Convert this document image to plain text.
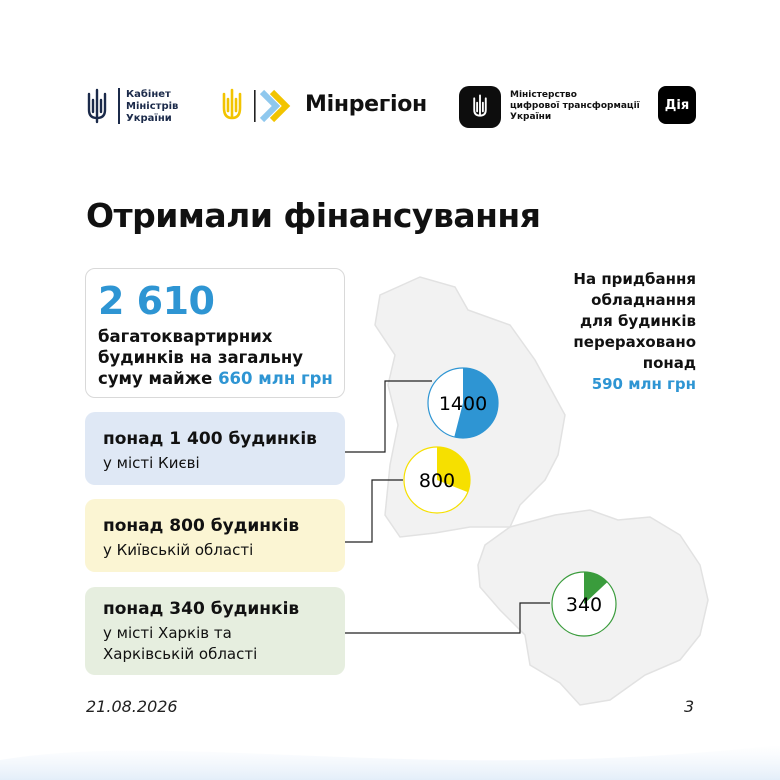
Кабінет
Міністрів
України
Мінрегіон	Міністерство
цифрової трансформації
України
Дія
Отримали фінансування
2 610
багатоквартирних
будинків на загальну
суму майже 660 млн грн
На придбання
обладнання
для будинків
перераховано
понад
590 млн грн
понад 1 400 будинків
у місті Києві
понад 800 будинків
у Київській області
понад 340 будинків
у місті Харків та
Харківській області
1400
800
340
21.08.2026	3
